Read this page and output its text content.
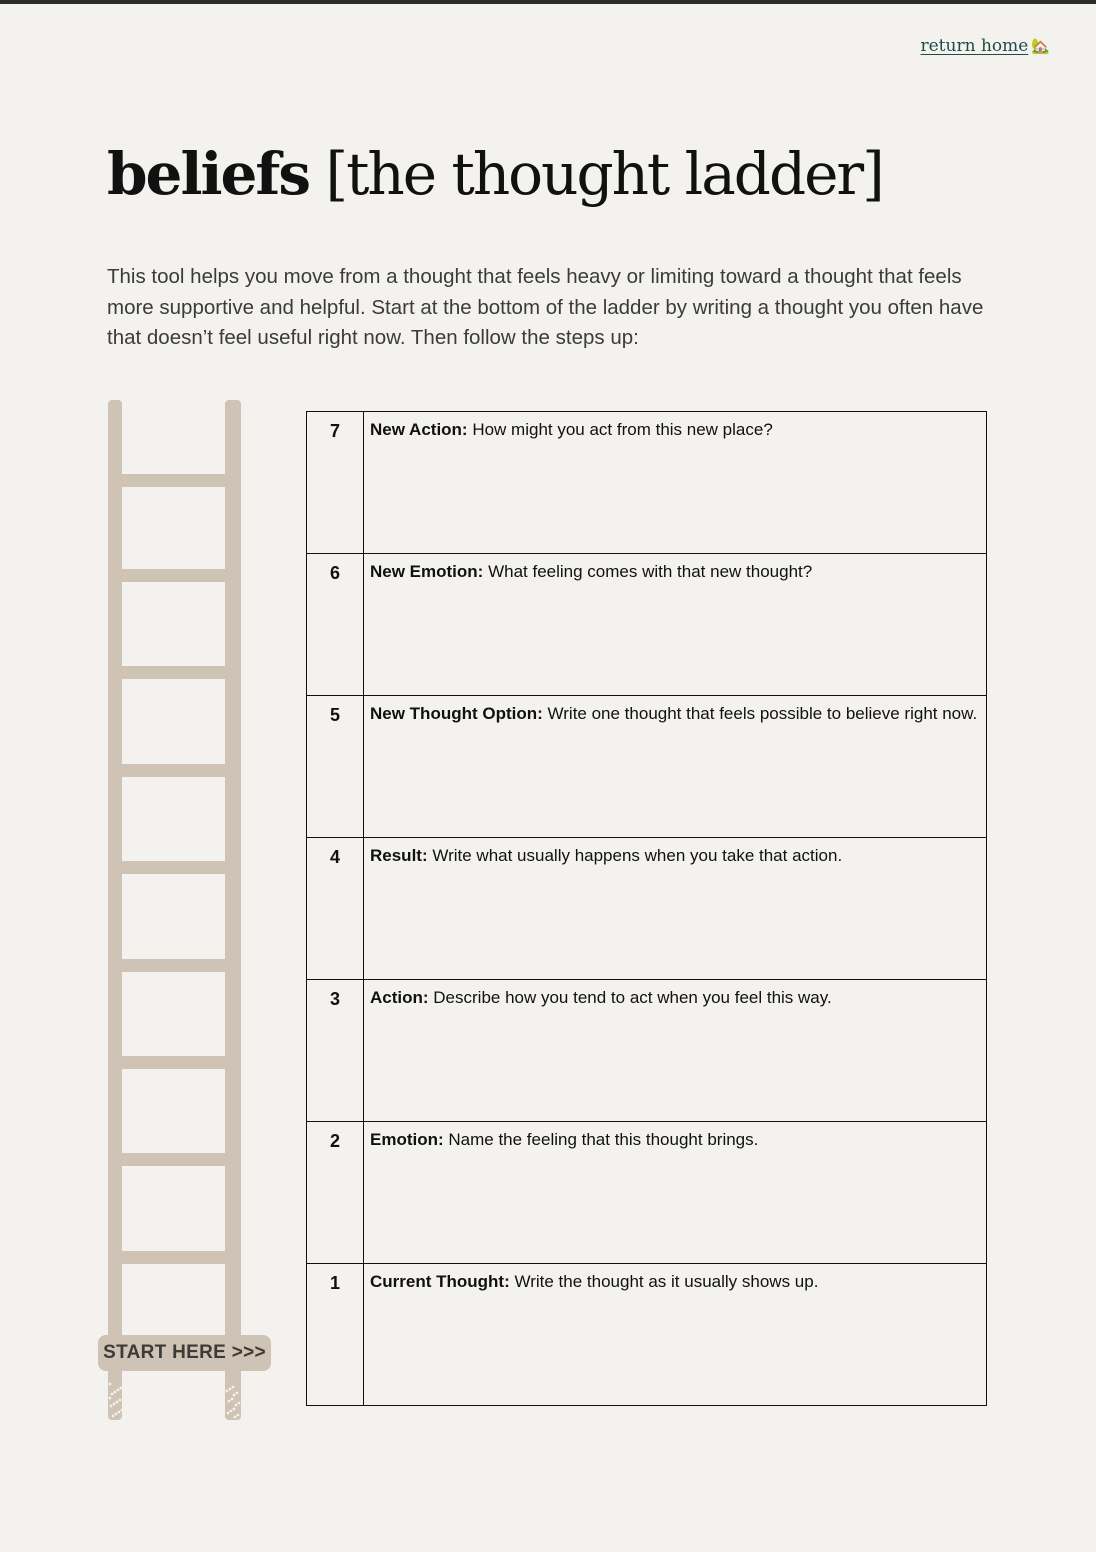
return home 🏡
beliefs [the thought ladder]

This tool helps you move from a thought that feels heavy or limiting toward a thought that feels more supportive and helpful. Start at the bottom of the ladder by writing a thought you often have that doesn’t feel useful right now. Then follow the steps up:

START HERE >>>
7	New Action: How might you act from this new place?
6	New Emotion: What feeling comes with that new thought?
5	New Thought Option: Write one thought that feels possible to believe right now.
4	Result: Write what usually happens when you take that action.
3	Action: Describe how you tend to act when you feel this way.
2	Emotion: Name the feeling that this thought brings.
1	Current Thought: Write the thought as it usually shows up.
